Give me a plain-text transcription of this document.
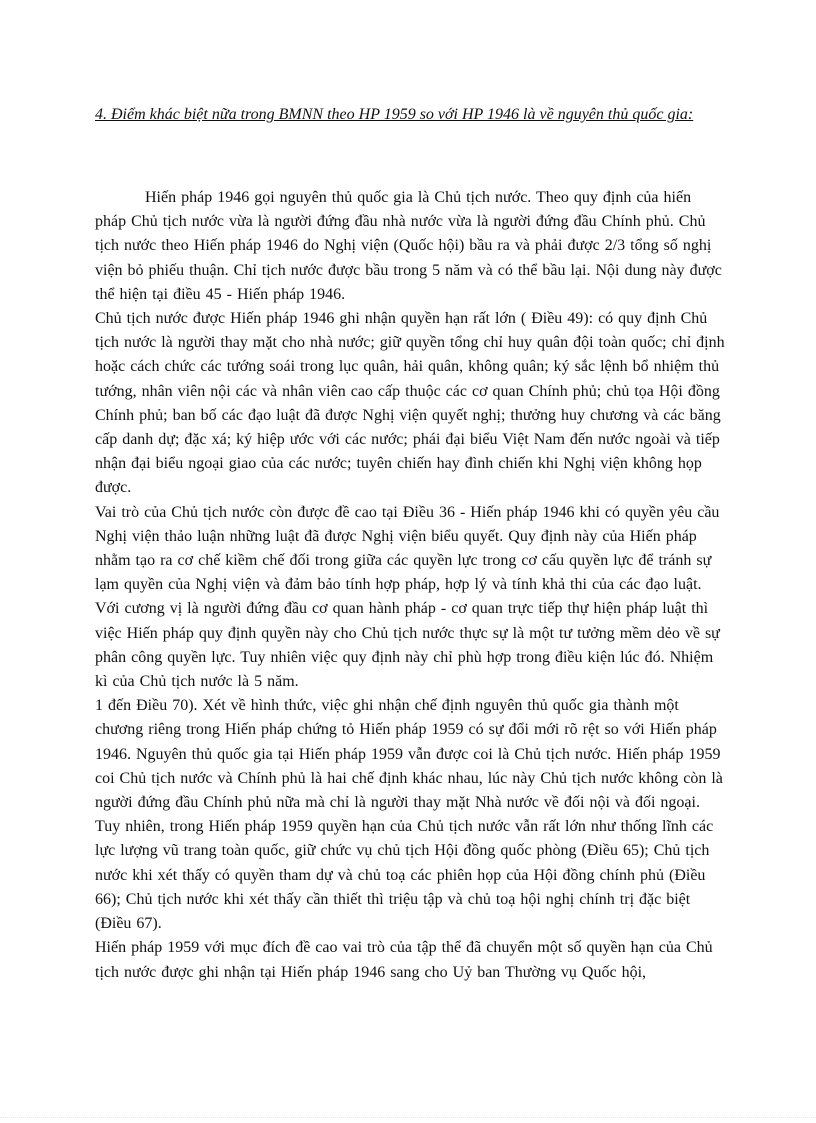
4. Điểm khác biệt nữa trong BMNN theo HP 1959 so với HP 1946 là về nguyên thủ quốc gia:

Hiến pháp 1946 gọi nguyên thủ quốc gia là Chủ tịch nước. Theo quy định của hiến pháp Chủ tịch nước vừa là người đứng đầu nhà nước vừa là người đứng đầu Chính phủ. Chủ tịch nước theo Hiến pháp 1946 do Nghị viện (Quốc hội) bầu ra và phải được 2/3 tổng số nghị viện bỏ phiếu thuận. Chỉ tịch nước được bầu trong 5 năm và có thể bầu lại. Nội dung này được thể hiện tại điều 45 - Hiến pháp 1946.

Chủ tịch nước được Hiến pháp 1946 ghi nhận quyền hạn rất lớn ( Điều 49): có quy định Chủ tịch nước là người thay mặt cho nhà nước; giữ quyền tổng chỉ huy quân đội toàn quốc; chỉ định hoặc cách chức các tướng soái trong lục quân, hải quân, không quân; ký sắc lệnh bổ nhiệm thủ tướng, nhân viên nội các và nhân viên cao cấp thuộc các cơ quan Chính phủ; chủ tọa Hội đồng Chính phủ; ban bố các đạo luật đã được Nghị viện quyết nghị; thưởng huy chương và các băng cấp danh dự; đặc xá; ký hiệp ước với các nước; phái đại biểu Việt Nam đến nước ngoài và tiếp nhận đại biểu ngoại giao của các nước; tuyên chiến hay đình chiến khi Nghị viện không họp được.

Vai trò của Chủ tịch nước còn được đề cao tại Điều 36 - Hiến pháp 1946 khi có quyền yêu cầu Nghị viện thảo luận những luật đã được Nghị viện biểu quyết. Quy định này của Hiến pháp nhằm tạo ra cơ chế kiềm chế đối trong giữa các quyền lực trong cơ cấu quyền lực để tránh sự lạm quyền của Nghị viện và đảm bảo tính hợp pháp, hợp lý và tính khả thi của các đạo luật. Với cương vị là người đứng đầu cơ quan hành pháp - cơ quan trực tiếp thự hiện pháp luật thì việc Hiến pháp quy định quyền này cho Chủ tịch nước thực sự là một tư tưởng mềm dẻo về sự phân công quyền lực. Tuy nhiên việc quy định này chỉ phù hợp trong điều kiện lúc đó. Nhiệm kì của Chủ tịch nước là 5 năm.

1 đến Điều 70). Xét về hình thức, việc ghi nhận chế định nguyên thủ quốc gia thành một chương riêng trong Hiến pháp chứng tỏ Hiến pháp 1959 có sự đổi mới rõ rệt so với Hiến pháp 1946. Nguyên thủ quốc gia tại Hiến pháp 1959 vẫn được coi là Chủ tịch nước. Hiến pháp 1959 coi Chủ tịch nước và Chính phủ là hai chế định khác nhau, lúc này Chủ tịch nước không còn là người đứng đầu Chính phủ nữa mà chỉ là người thay mặt Nhà nước về đối nội và đối ngoại.

Tuy nhiên, trong Hiến pháp 1959 quyền hạn của Chủ tịch nước vẫn rất lớn như thống lĩnh các lực lượng vũ trang toàn quốc, giữ chức vụ chủ tịch Hội đồng quốc phòng (Điều 65); Chủ tịch nước khi xét thấy có quyền tham dự và chủ toạ các phiên họp của Hội đồng chính phủ (Điều 66); Chủ tịch nước khi xét thấy cần thiết thì triệu tập và chủ toạ hội nghị chính trị đặc biệt (Điều 67).

Hiến pháp 1959 với mục đích đề cao vai trò của tập thể đã chuyển một số quyền hạn của Chủ tịch nước được ghi nhận tại Hiến pháp 1946 sang cho Uỷ ban Thường vụ Quốc hội,
